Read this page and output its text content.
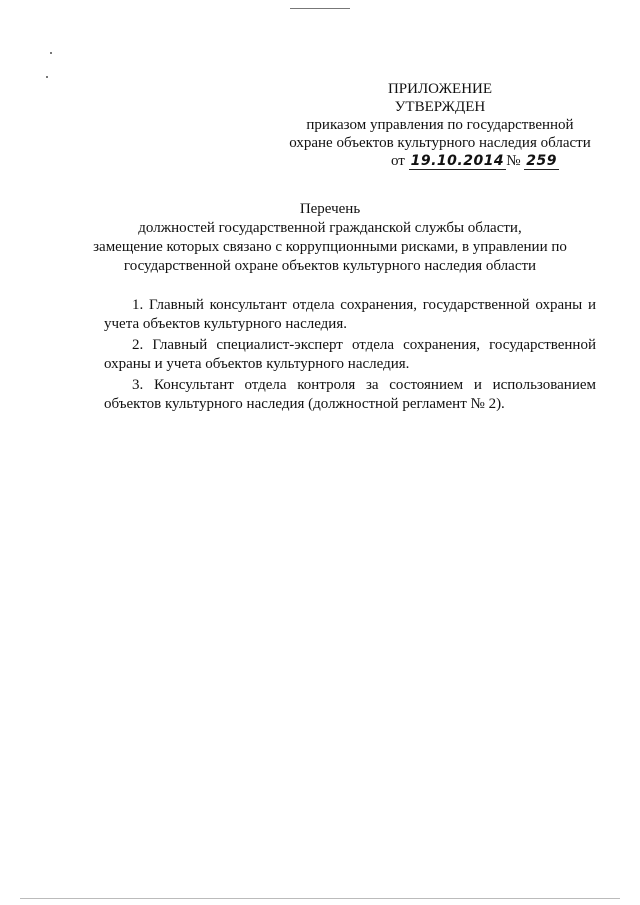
ПРИЛОЖЕНИЕ
УТВЕРЖДЕН
приказом управления по государственной
охране объектов культурного наследия области
от 19.10.2014 № 259
Перечень
должностей государственной гражданской службы области,
замещение которых связано с коррупционными рисками, в управлении по
государственной охране объектов культурного наследия области

1. Главный консультант отдела сохранения, государственной охраны и учета объектов культурного наследия.

2. Главный специалист-эксперт отдела сохранения, государственной охраны и учета объектов культурного наследия.

3. Консультант отдела контроля за состоянием и использованием объектов культурного наследия (должностной регламент № 2).
